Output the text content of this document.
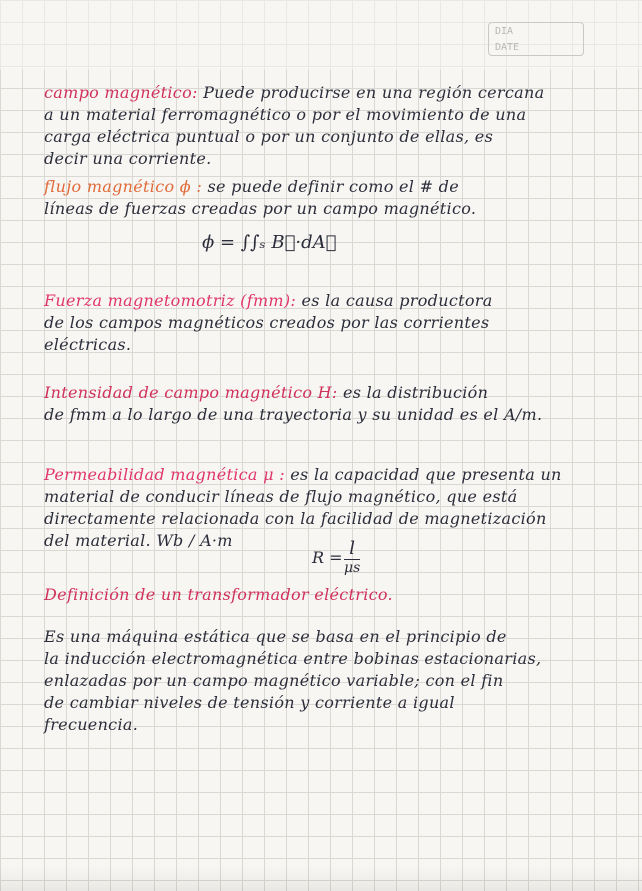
DIA
DATE
campo magnético: Puede producirse en una región cercana
a un material ferromagnético o por el movimiento de una
carga eléctrica puntual o por un conjunto de ellas, es
decir una corriente.
flujo magnético ϕ : se puede definir como el # de
líneas de fuerzas creadas por un campo magnético.
ϕ = ∫∫ₛ B⃗·dA⃗
Fuerza magnetomotriz (fmm): es la causa productora
de los campos magnéticos creados por las corrientes
eléctricas.
Intensidad de campo magnético H: es la distribución
de fmm a lo largo de una trayectoria y su unidad es el A/m.
Permeabilidad magnética μ : es la capacidad que presenta un
material de conducir líneas de flujo magnético, que está
directamente relacionada con la facilidad de magnetización
del material. Wb / A·m
R = l
μs
Definición de un transformador eléctrico.
Es una máquina estática que se basa en el principio de
la inducción electromagnética entre bobinas estacionarias,
enlazadas por un campo magnético variable; con el fin
de cambiar niveles de tensión y corriente a igual
frecuencia.
